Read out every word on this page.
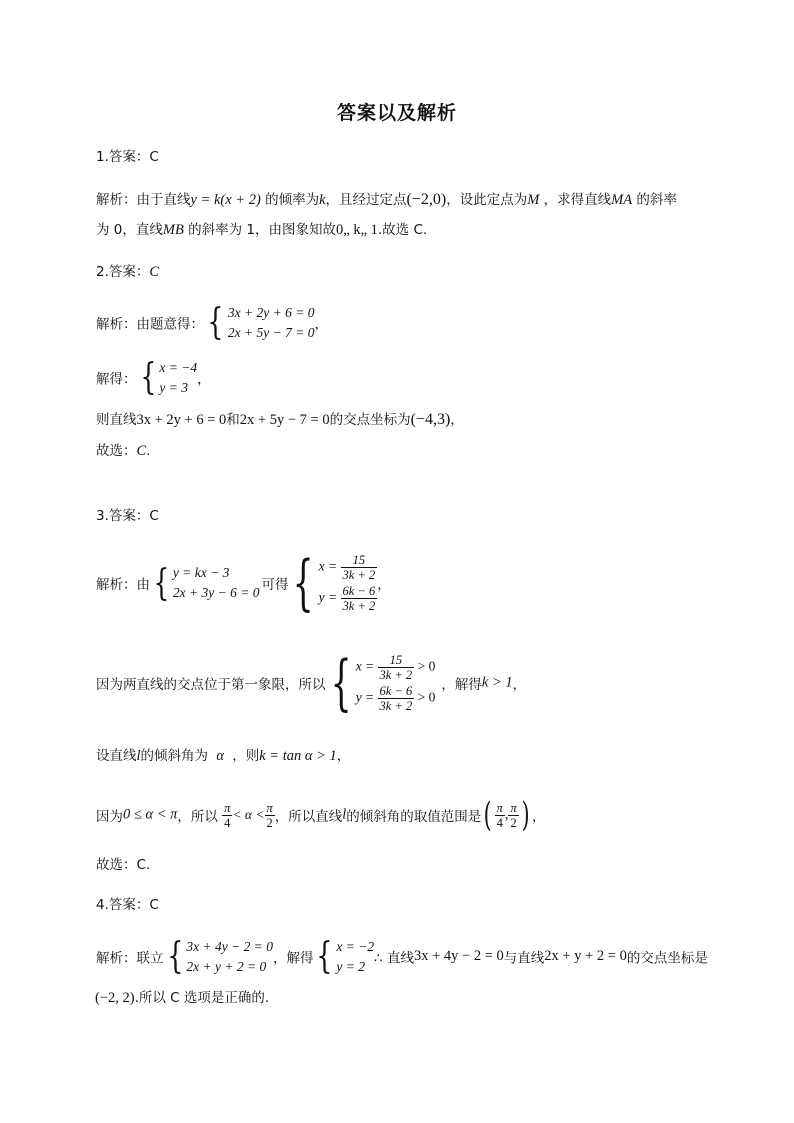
答案以及解析
1.答案：C
解析：由于直线y = k(x + 2) 的倾率为k，且经过定点(−2,0)，设此定点为M ，求得直线MA 的斜率
为 0，直线MB 的斜率为 1，由图象知故0„ k„ 1.故选 C.
2.答案：C
解析：由题意得：{ 3x + 2y + 6 = 0
2x + 5y − 7 = 0 ，
解得：{ x = −4
y = 3 ，
则直线3x + 2y + 6 = 0和2x + 5y − 7 = 0的交点坐标为(−4,3)，
故选：C.
3.答案：C
解析：由{ y = kx − 3
2x + 3y − 6 = 0 可得{ $x = \frac{15}{3k + 2}$
$y = \frac{6k - 6}{3k + 2}$ ，
因为两直线的交点位于第一象限，所以{ $x = \frac{15}{3k + 2} > 0$
$y = \frac{6k - 6}{3k + 2} > 0$
，解得k > 1，
设直线l的倾斜角为 α ，则k = tan α > 1，
因为0 ≤ α < π，所以 $\frac{\pi}{4} < \alpha < \frac{\pi}{2}$ ，所以直线l的倾斜角的取值范围是( $\frac{\pi}{4}$ , $\frac{\pi}{2}$ ) ，
故选：C.
4.答案：C
解析：联立{ 3x + 4y − 2 = 0
2x + y + 2 = 0 ，解得{ x = −2
y = 2 ∴ 直线3x + 4y − 2 = 0与直线2x + y + 2 = 0的交点坐标是
(−2, 2).所以 C 选项是正确的.
